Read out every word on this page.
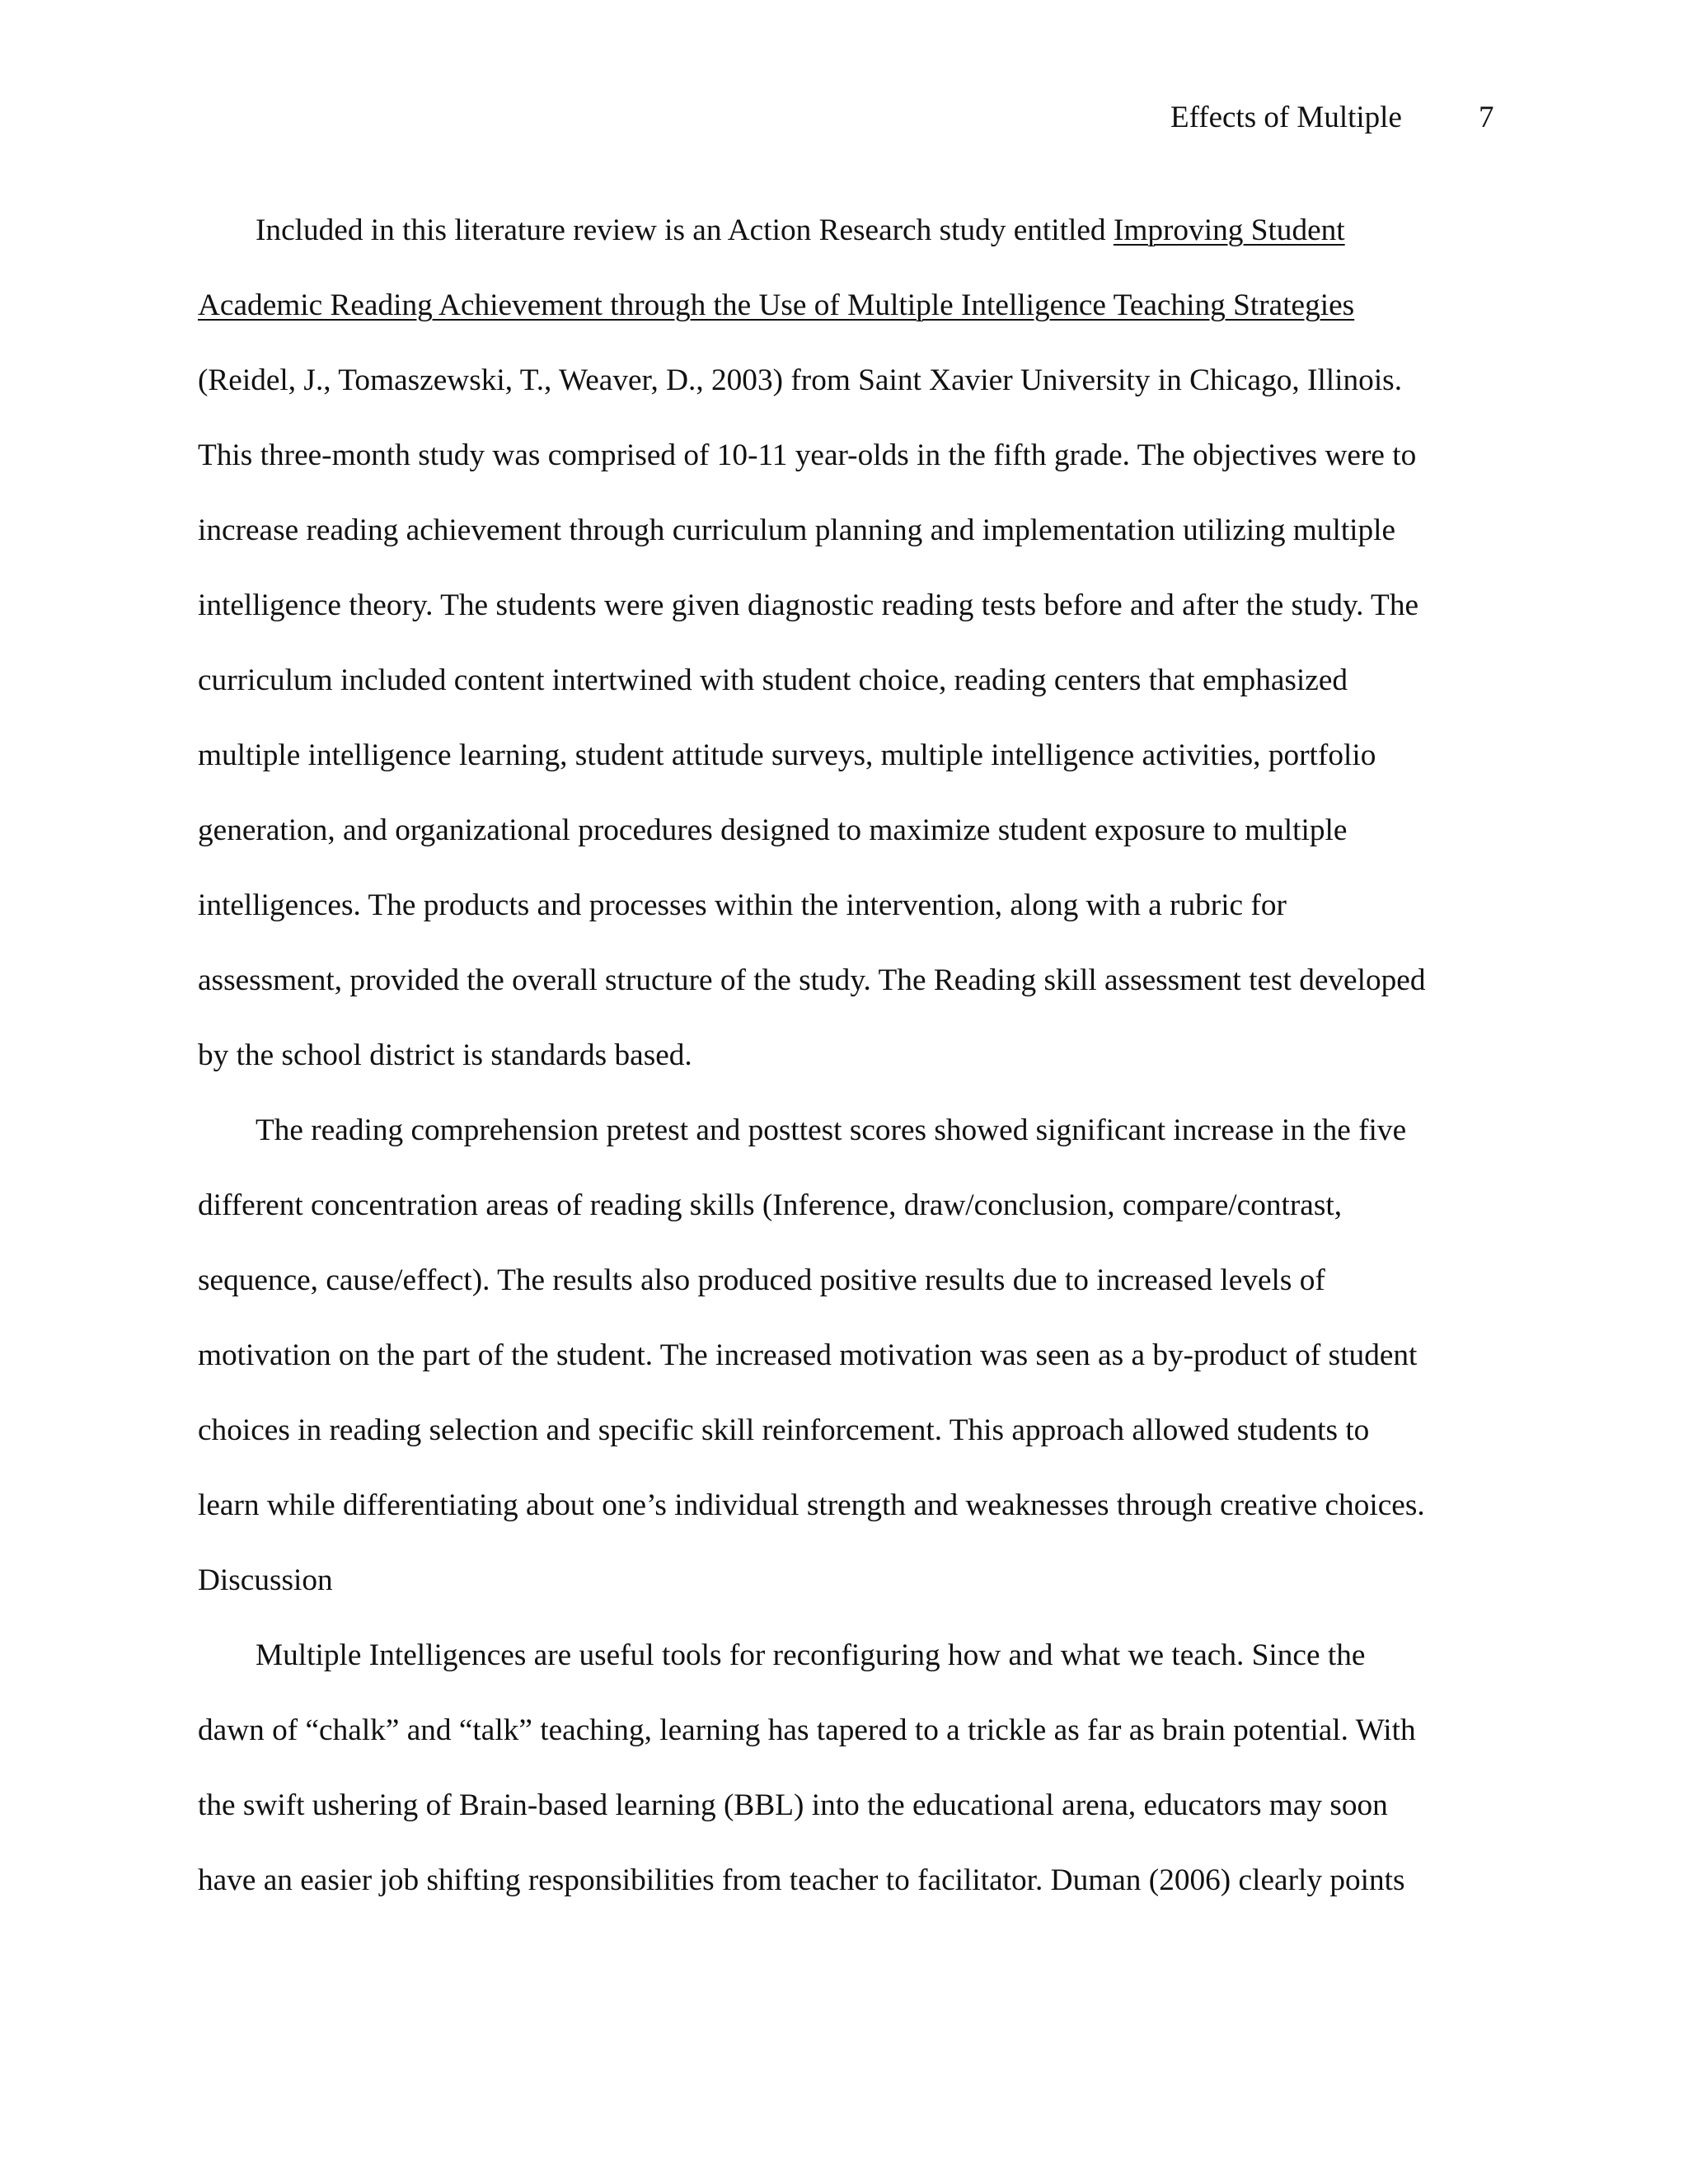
Effects of Multiple	7
Included in this literature review is an Action Research study entitled Improving Student
Academic Reading Achievement through the Use of Multiple Intelligence Teaching Strategies
(Reidel, J., Tomaszewski, T., Weaver, D., 2003) from Saint Xavier University in Chicago, Illinois.
This three-month study was comprised of 10-11 year-olds in the fifth grade. The objectives were to
increase reading achievement through curriculum planning and implementation utilizing multiple
intelligence theory. The students were given diagnostic reading tests before and after the study. The
curriculum included content intertwined with student choice, reading centers that emphasized
multiple intelligence learning, student attitude surveys, multiple intelligence activities, portfolio
generation, and organizational procedures designed to maximize student exposure to multiple
intelligences. The products and processes within the intervention, along with a rubric for
assessment, provided the overall structure of the study. The Reading skill assessment test developed
by the school district is standards based.
The reading comprehension pretest and posttest scores showed significant increase in the five
different concentration areas of reading skills (Inference, draw/conclusion, compare/contrast,
sequence, cause/effect). The results also produced positive results due to increased levels of
motivation on the part of the student. The increased motivation was seen as a by-product of student
choices in reading selection and specific skill reinforcement. This approach allowed students to
learn while differentiating about one’s individual strength and weaknesses through creative choices.
Discussion
Multiple Intelligences are useful tools for reconfiguring how and what we teach. Since the
dawn of “chalk” and “talk” teaching, learning has tapered to a trickle as far as brain potential. With
the swift ushering of Brain-based learning (BBL) into the educational arena, educators may soon
have an easier job shifting responsibilities from teacher to facilitator. Duman (2006) clearly points
